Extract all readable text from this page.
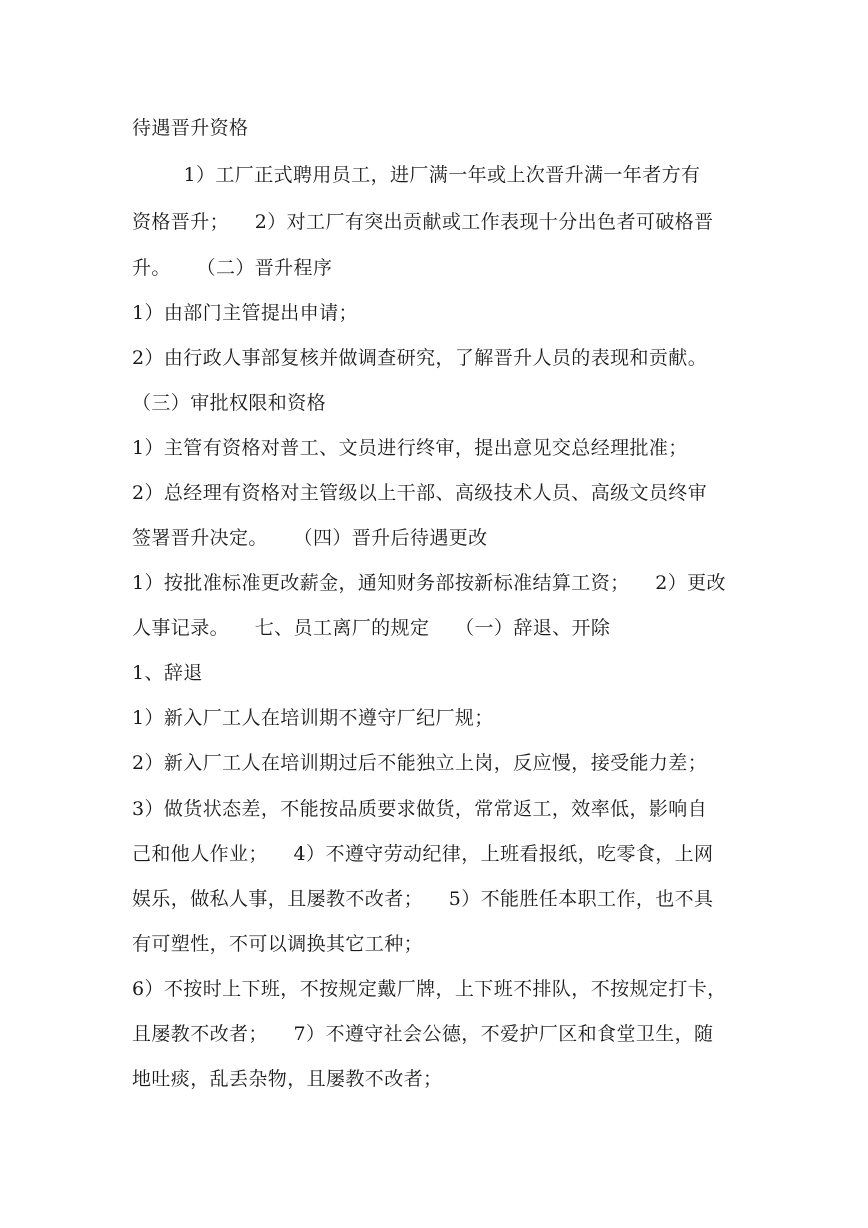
待遇晋升资格
1）工厂正式聘用员工，进厂满一年或上次晋升满一年者方有
资格晋升；    2）对工厂有突出贡献或工作表现十分出色者可破格晋
升。    （二）晋升程序
1）由部门主管提出申请；
2）由行政人事部复核并做调查研究，了解晋升人员的表现和贡献。
（三）审批权限和资格
1）主管有资格对普工、文员进行终审，提出意见交总经理批准；
2）总经理有资格对主管级以上干部、高级技术人员、高级文员终审
签署晋升决定。    （四）晋升后待遇更改
1）按批准标准更改薪金，通知财务部按新标准结算工资；    2）更改
人事记录。    七、员工离厂的规定    （一）辞退、开除
1、辞退
1）新入厂工人在培训期不遵守厂纪厂规；
2）新入厂工人在培训期过后不能独立上岗，反应慢，接受能力差；
3）做货状态差，不能按品质要求做货，常常返工，效率低，影响自
己和他人作业；    4）不遵守劳动纪律，上班看报纸，吃零食，上网
娱乐，做私人事，且屡教不改者；    5）不能胜任本职工作，也不具
有可塑性，不可以调换其它工种；
6）不按时上下班，不按规定戴厂牌，上下班不排队，不按规定打卡，
且屡教不改者；    7）不遵守社会公德，不爱护厂区和食堂卫生，随
地吐痰，乱丢杂物，且屡教不改者；
